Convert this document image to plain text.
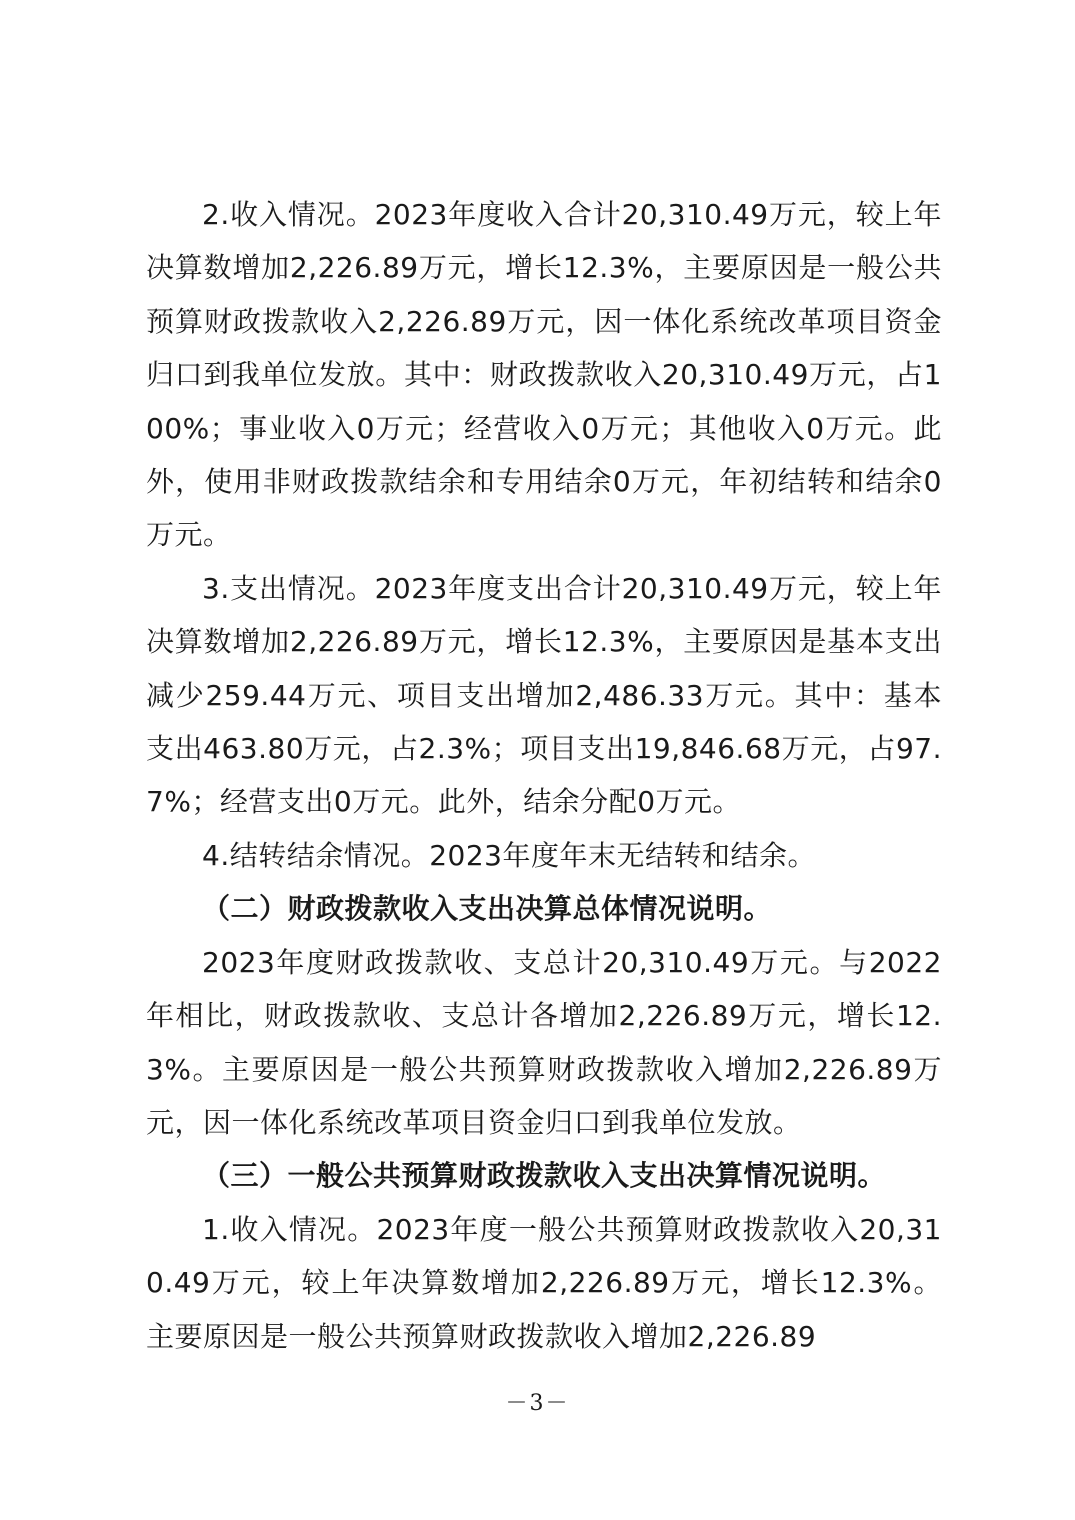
2.收入情况。2023年度收入合计20,310.49万元，较上年决算数增加2,226.89万元，增长12.3%，主要原因是一般公共预算财政拨款收入2,226.89万元，因一体化系统改革项目资金归口到我单位发放。其中：财政拨款收入20,310.49万元，占100%；事业收入0万元；经营收入0万元；其他收入0万元。此外，使用非财政拨款结余和专用结余0万元，年初结转和结余0万元。

3.支出情况。2023年度支出合计20,310.49万元，较上年决算数增加2,226.89万元，增长12.3%，主要原因是基本支出减少259.44万元、项目支出增加2,486.33万元。其中：基本支出463.80万元，占2.3%；项目支出19,846.68万元，占97.7%；经营支出0万元。此外，结余分配0万元。

4.结转结余情况。2023年度年末无结转和结余。

（二）财政拨款收入支出决算总体情况说明。

2023年度财政拨款收、支总计20,310.49万元。与2022年相比，财政拨款收、支总计各增加2,226.89万元，增长12.3%。主要原因是一般公共预算财政拨款收入增加2,226.89万元，因一体化系统改革项目资金归口到我单位发放。

（三）一般公共预算财政拨款收入支出决算情况说明。

1.收入情况。2023年度一般公共预算财政拨款收入20,310.49万元，较上年决算数增加2,226.89万元，增长12.3%。主要原因是一般公共预算财政拨款收入增加2,226.89

－3－
